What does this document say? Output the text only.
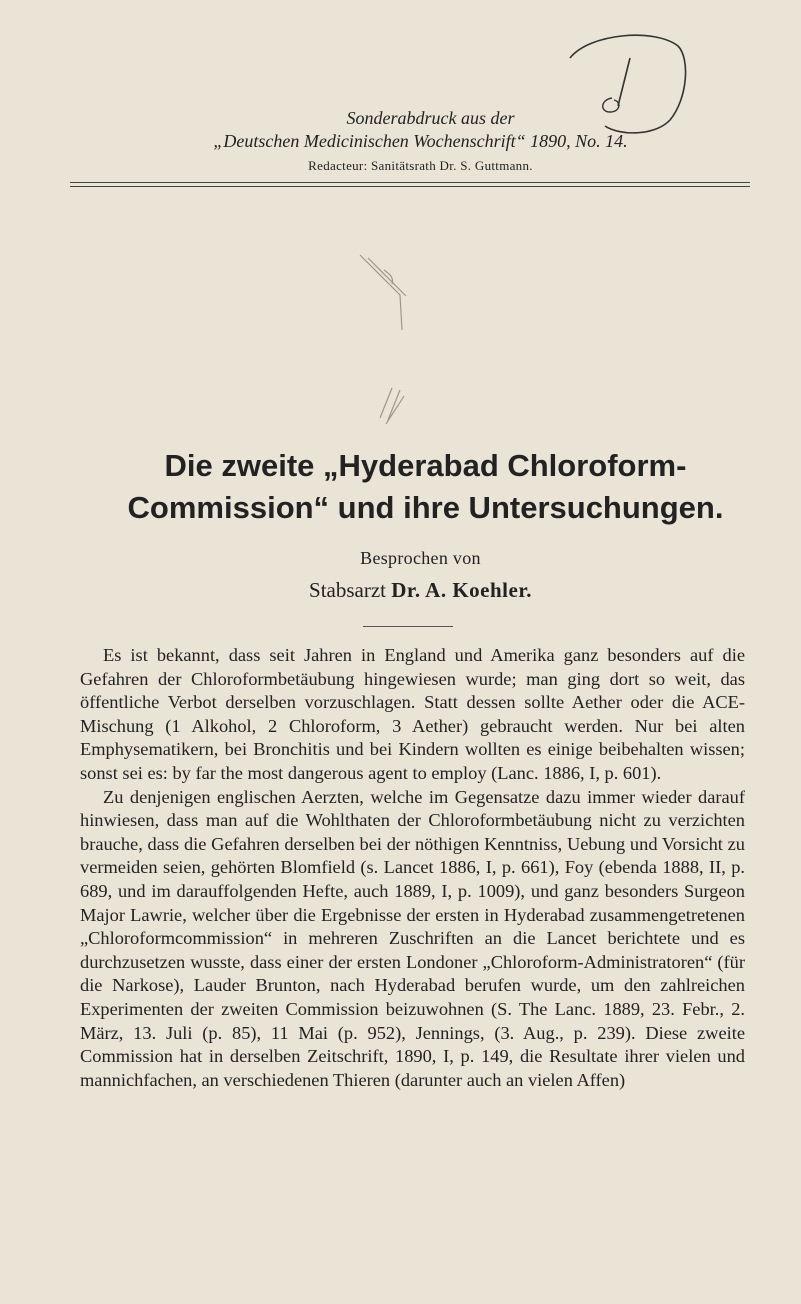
Sonderabdruck aus der
„Deutschen Medicinischen Wochenschrift“ 1890, No. 14.
Redacteur: Sanitätsrath Dr. S. Guttmann.
Die zweite „Hyderabad Chloroform-
Commission“ und ihre Untersuchungen.
Besprochen von
Stabsarzt Dr. A. Koehler.

Es ist bekannt, dass seit Jahren in England und Amerika ganz besonders auf die Gefahren der Chloroformbetäubung hingewiesen wurde; man ging dort so weit, das öffentliche Verbot derselben vorzuschlagen. Statt dessen sollte Aether oder die ACE-Mischung (1 Alkohol, 2 Chloroform, 3 Aether) gebraucht werden. Nur bei alten Emphysematikern, bei Bronchitis und bei Kindern wollten es einige beibehalten wissen; sonst sei es: by far the most dangerous agent to employ (Lanc. 1886, I, p. 601).

Zu denjenigen englischen Aerzten, welche im Gegensatze dazu immer wieder darauf hinwiesen, dass man auf die Wohlthaten der Chloroformbetäubung nicht zu verzichten brauche, dass die Gefahren derselben bei der nöthigen Kenntniss, Uebung und Vorsicht zu vermeiden seien, gehörten Blomfield (s. Lancet 1886, I, p. 661), Foy (ebenda 1888, II, p. 689, und im darauffolgenden Hefte, auch 1889, I, p. 1009), und ganz besonders Surgeon Major Lawrie, welcher über die Ergebnisse der ersten in Hyderabad zusammengetretenen „Chloroformcommission“ in mehreren Zuschriften an die Lancet berichtete und es durchzusetzen wusste, dass einer der ersten Londoner „Chloroform-Administratoren“ (für die Narkose), Lauder Brunton, nach Hyderabad berufen wurde, um den zahlreichen Experimenten der zweiten Commission beizuwohnen (S. The Lanc. 1889, 23. Febr., 2. März, 13. Juli (p. 85), 11 Mai (p. 952), Jennings, (3. Aug., p. 239). Diese zweite Commission hat in derselben Zeitschrift, 1890, I, p. 149, die Resultate ihrer vielen und mannichfachen, an verschiedenen Thieren (darunter auch an vielen Affen)
